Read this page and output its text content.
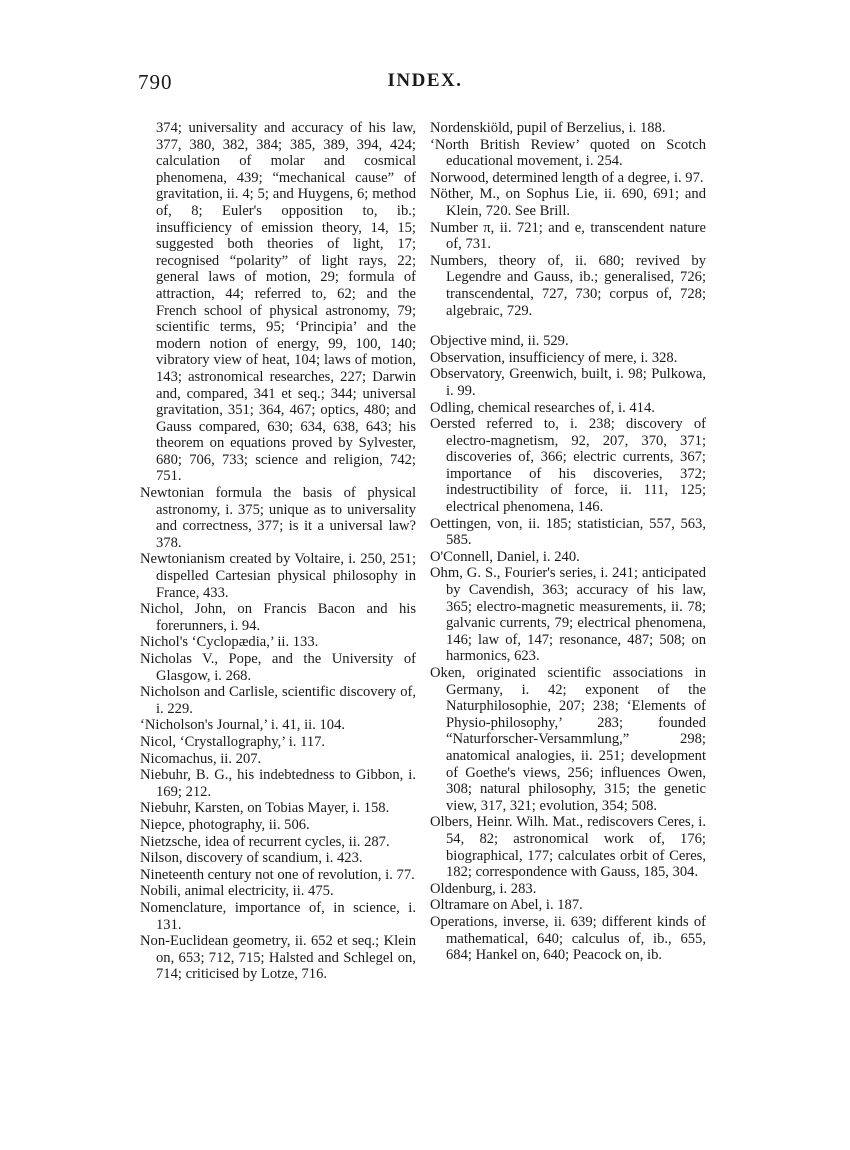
790	INDEX.

374; universality and accuracy of his law, 377, 380, 382, 384; 385, 389, 394, 424; calculation of molar and cosmical phenomena, 439; “mechanical cause” of gravitation, ii. 4; 5; and Huygens, 6; method of, 8; Euler's opposition to, ib.; insufficiency of emission theory, 14, 15; suggested both theories of light, 17; recognised “polarity” of light rays, 22; general laws of motion, 29; formula of attraction, 44; referred to, 62; and the French school of physical astronomy, 79; scientific terms, 95; ‘Principia’ and the modern notion of energy, 99, 100, 140; vibratory view of heat, 104; laws of motion, 143; astronomical researches, 227; Darwin and, compared, 341 et seq.; 344; universal gravitation, 351; 364, 467; optics, 480; and Gauss compared, 630; 634, 638, 643; his theorem on equations proved by Sylvester, 680; 706, 733; science and religion, 742; 751.

Newtonian formula the basis of physical astronomy, i. 375; unique as to universality and correctness, 377; is it a universal law? 378.

Newtonianism created by Voltaire, i. 250, 251; dispelled Cartesian physical philosophy in France, 433.

Nichol, John, on Francis Bacon and his forerunners, i. 94.

Nichol's ‘Cyclopædia,’ ii. 133.

Nicholas V., Pope, and the University of Glasgow, i. 268.

Nicholson and Carlisle, scientific discovery of, i. 229.

‘Nicholson's Journal,’ i. 41, ii. 104.

Nicol, ‘Crystallography,’ i. 117.

Nicomachus, ii. 207.

Niebuhr, B. G., his indebtedness to Gibbon, i. 169; 212.

Niebuhr, Karsten, on Tobias Mayer, i. 158.

Niepce, photography, ii. 506.

Nietzsche, idea of recurrent cycles, ii. 287.

Nilson, discovery of scandium, i. 423.

Nineteenth century not one of revolution, i. 77.

Nobili, animal electricity, ii. 475.

Nomenclature, importance of, in science, i. 131.

Non-Euclidean geometry, ii. 652 et seq.; Klein on, 653; 712, 715; Halsted and Schlegel on, 714; criticised by Lotze, 716.

Nordenskiöld, pupil of Berzelius, i. 188.

‘North British Review’ quoted on Scotch educational movement, i. 254.

Norwood, determined length of a degree, i. 97.

Nöther, M., on Sophus Lie, ii. 690, 691; and Klein, 720. See Brill.

Number π, ii. 721; and e, transcendent nature of, 731.

Numbers, theory of, ii. 680; revived by Legendre and Gauss, ib.; generalised, 726; transcendental, 727, 730; corpus of, 728; algebraic, 729.

Objective mind, ii. 529.

Observation, insufficiency of mere, i. 328.

Observatory, Greenwich, built, i. 98; Pulkowa, i. 99.

Odling, chemical researches of, i. 414.

Oersted referred to, i. 238; discovery of electro-magnetism, 92, 207, 370, 371; discoveries of, 366; electric currents, 367; importance of his discoveries, 372; indestructibility of force, ii. 111, 125; electrical phenomena, 146.

Oettingen, von, ii. 185; statistician, 557, 563, 585.

O'Connell, Daniel, i. 240.

Ohm, G. S., Fourier's series, i. 241; anticipated by Cavendish, 363; accuracy of his law, 365; electro-magnetic measurements, ii. 78; galvanic currents, 79; electrical phenomena, 146; law of, 147; resonance, 487; 508; on harmonics, 623.

Oken, originated scientific associations in Germany, i. 42; exponent of the Naturphilosophie, 207; 238; ‘Elements of Physio-philosophy,’ 283; founded “Naturforscher-Versammlung,” 298; anatomical analogies, ii. 251; development of Goethe's views, 256; influences Owen, 308; natural philosophy, 315; the genetic view, 317, 321; evolution, 354; 508.

Olbers, Heinr. Wilh. Mat., rediscovers Ceres, i. 54, 82; astronomical work of, 176; biographical, 177; calculates orbit of Ceres, 182; correspondence with Gauss, 185, 304.

Oldenburg, i. 283.

Oltramare on Abel, i. 187.

Operations, inverse, ii. 639; different kinds of mathematical, 640; calculus of, ib., 655, 684; Hankel on, 640; Peacock on, ib.
